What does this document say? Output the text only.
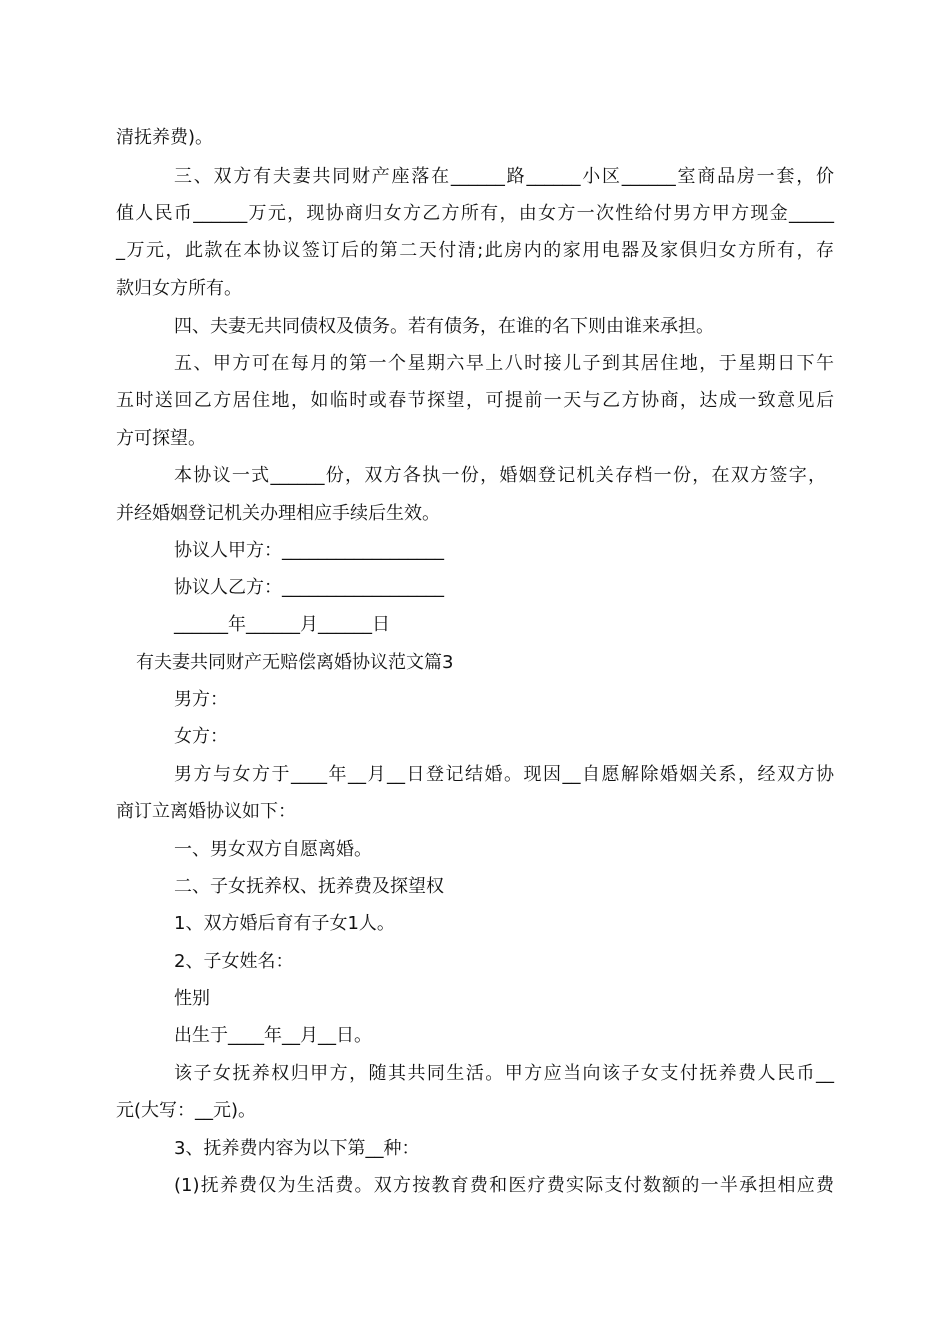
清抚养费)。
三、双方有夫妻共同财产座落在______路______小区______室商品房一套，价
值人民币______万元，现协商归女方乙方所有，由女方一次性给付男方甲方现金_____
_万元，此款在本协议签订后的第二天付清;此房内的家用电器及家俱归女方所有，存
款归女方所有。
四、夫妻无共同债权及债务。若有债务，在谁的名下则由谁来承担。
五、甲方可在每月的第一个星期六早上八时接儿子到其居住地，于星期日下午
五时送回乙方居住地，如临时或春节探望，可提前一天与乙方协商，达成一致意见后
方可探望。
本协议一式______份，双方各执一份，婚姻登记机关存档一份，在双方签字，
并经婚姻登记机关办理相应手续后生效。
协议人甲方：__________________
协议人乙方：__________________
______年______月______日
有夫妻共同财产无赔偿离婚协议范文篇3
男方：
女方：
男方与女方于____年__月__日登记结婚。现因__自愿解除婚姻关系，经双方协
商订立离婚协议如下：
一、男女双方自愿离婚。
二、子女抚养权、抚养费及探望权
1、双方婚后育有子女1人。
2、子女姓名：
性别
出生于____年__月__日。
该子女抚养权归甲方，随其共同生活。甲方应当向该子女支付抚养费人民币__
元(大写：__元)。
3、抚养费内容为以下第__种：
(1)抚养费仅为生活费。双方按教育费和医疗费实际支付数额的一半承担相应费
